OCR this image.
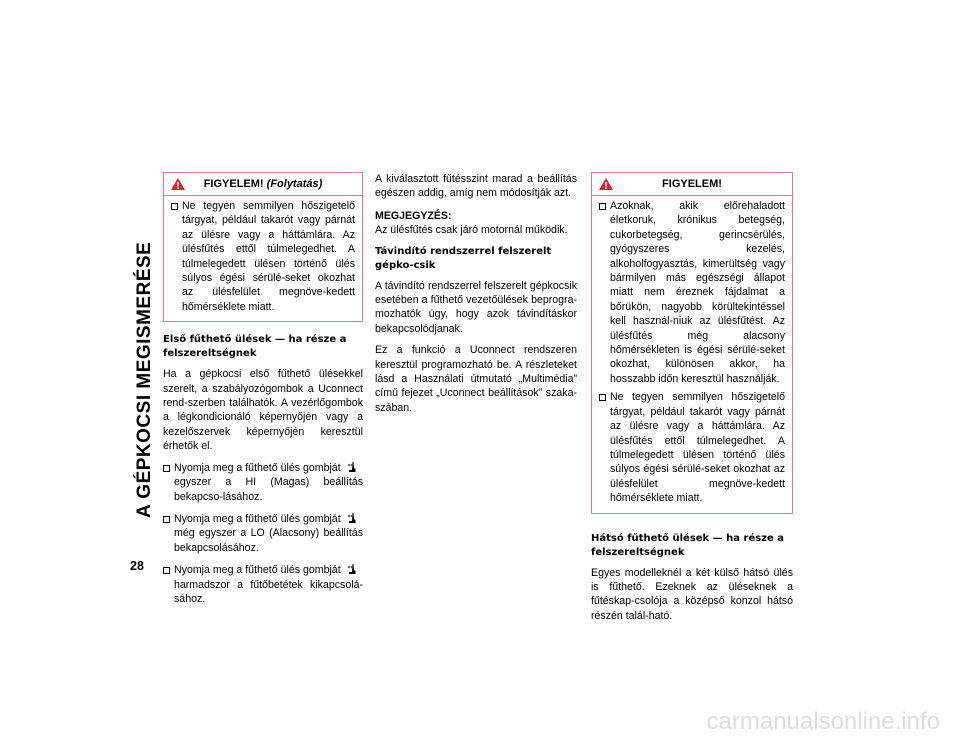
A GÉPKOCSI MEGISMERÉSE
28
FIGYELEM! (Folytatás)
Ne tegyen semmilyen hőszigetelő tárgyat, például takarót vagy párnát az ülésre vagy a háttámlára. Az ülésfűtés ettől túlmelegedhet. A túlmelegedett ülésen történő ülés súlyos égési sérülé-seket okozhat az ülésfelület megnöve-kedett hőmérséklete miatt.
Első fűthető ülések — ha része a felszereltségnek
Ha a gépkocsi első fűthető ülésekkel szerelt, a szabályozógombok a Uconnect rend-szerben találhatók. A vezérlőgombok a légkondicionáló képernyőjén vagy a kezelőszervek képernyőjén keresztül érhetők el.
Nyomja meg a fűthető ülés gombját
egyszer a HI (Magas) beállítás bekapcso-lásához.
Nyomja meg a fűthető ülés gombját
még egyszer a LO (Alacsony) beállítás bekapcsolásához.
Nyomja meg a fűthető ülés gombját
harmadszor a fűtőbetétek kikapcsolá-sához.
A kiválasztott fűtésszint marad a beállítás egészen addig, amíg nem módosítják azt.
MEGJEGYZÉS:
Az ülésfűtés csak járó motornál működik.
Távindító rendszerrel felszerelt gépko-csik
A távindító rendszerrel felszerelt gépkocsik esetében a fűthető vezetőülések beprogra-mozhatók úgy, hogy azok távindításkor bekapcsolódjanak.
Ez a funkció a Uconnect rendszeren keresztül programozható be. A részleteket lásd a Használati útmutató „Multimédia” című fejezet „Uconnect beállítások” szaka-szában.
FIGYELEM!
Azoknak, akik előrehaladott életkoruk, krónikus betegség, cukorbetegség, gerincsérülés, gyógyszeres kezelés, alkoholfogyasztás, kimerültség vagy bármilyen más egészségi állapot miatt nem éreznek fájdalmat a bőrükön, nagyobb körültekintéssel kell használ-niuk az ülésfűtést. Az ülésfűtés még alacsony hőmérsékleten is égési sérülé-seket okozhat, különösen akkor, ha hosszabb időn keresztül használják.
Ne tegyen semmilyen hőszigetelő tárgyat, például takarót vagy párnát az ülésre vagy a háttámlára. Az ülésfűtés ettől túlmelegedhet. A túlmelegedett ülésen történő ülés súlyos égési sérülé-seket okozhat az ülésfelület megnöve-kedett hőmérséklete miatt.
Hátsó fűthető ülések — ha része a felszereltségnek
Egyes modelleknél a két külső hátsó ülés is fűthető. Ezeknek az üléseknek a fűtéskap-csolója a középső konzol hátsó részén talál-ható.
carmanualsonline.info
